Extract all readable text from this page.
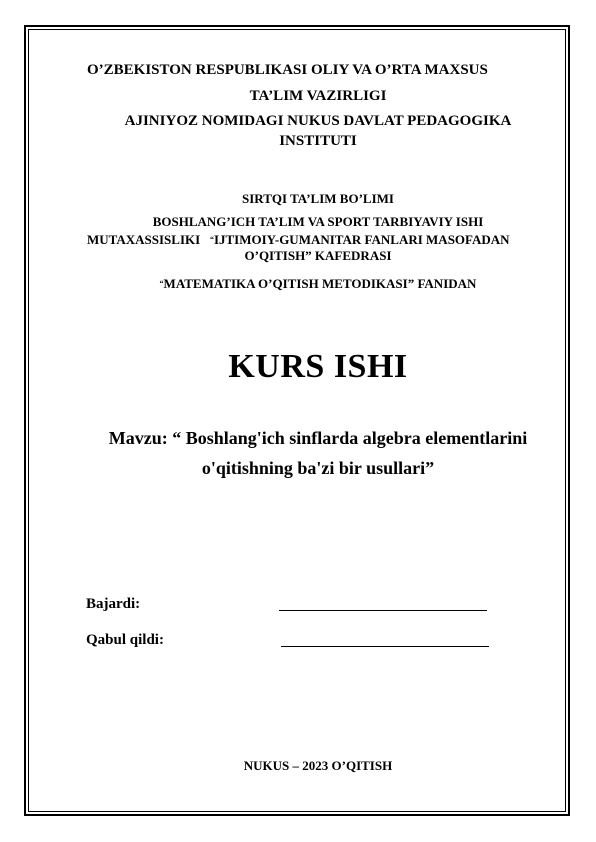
O’ZBEKISTON RESPUBLIKASI OLIY VA O’RTA MAXSUS
TA’LIM VAZIRLIGI
AJINIYOZ NOMIDAGI NUKUS DAVLAT PEDAGOGIKA
INSTITUTI
SIRTQI TA’LIM BO’LIMI
BOSHLANG’ICH TA’LIM VA SPORT TARBIYAVIY ISHI
MUTAXASSISLIKI “IJTIMOIY-GUMANITAR FANLARI MASOFADAN
O’QITISH” KAFEDRASI
“MATEMATIKA O’QITISH METODIKASI” FANIDAN
KURS ISHI
Mavzu: “ Boshlang'ich sinflarda algebra elementlarini
o'qitishning ba'zi bir usullari”
Bajardi:
Qabul qildi:
NUKUS – 2023 O’QITISH
